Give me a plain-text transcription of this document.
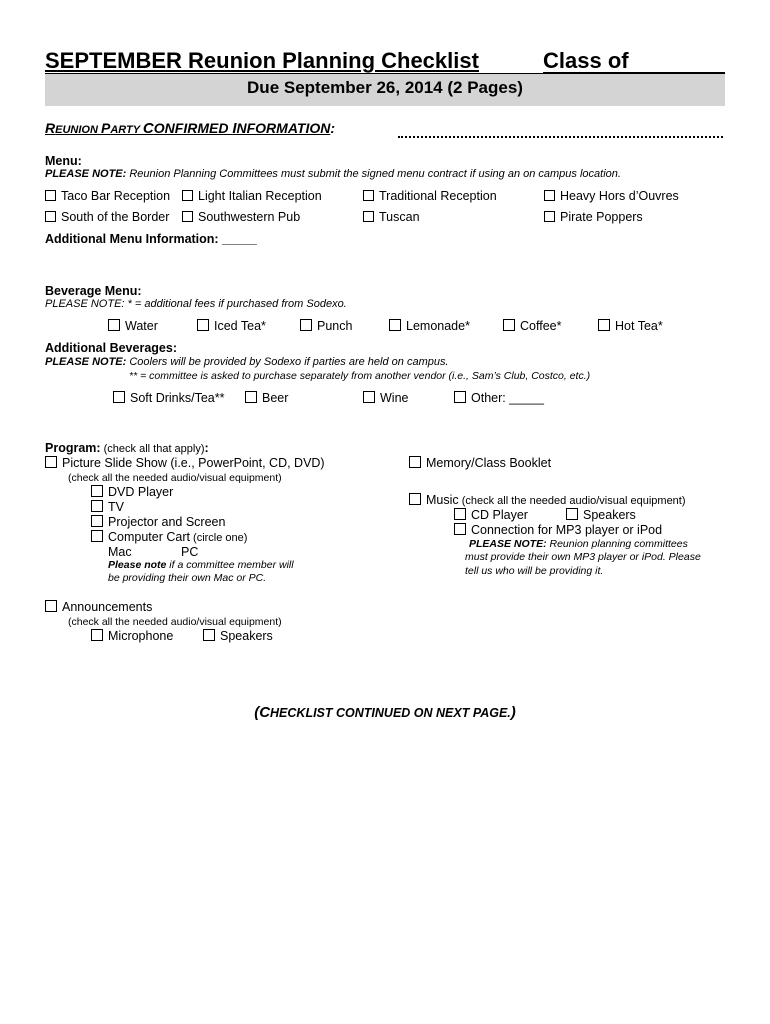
SEPTEMBER Reunion Planning Checklist	Class of
Due September 26, 2014 (2 Pages)
REUNION PARTY CONFIRMED INFORMATION:
Menu:
PLEASE NOTE: Reunion Planning Committees must submit the signed menu contract if using an on campus location.
Taco Bar Reception	Light Italian Reception	Traditional Reception	Heavy Hors d’Ouvres
South of the Border	Southwestern Pub	Tuscan	Pirate Poppers
Additional Menu Information: _____
Beverage Menu:
PLEASE NOTE: * = additional fees if purchased from Sodexo.
Water	Iced Tea*	Punch	Lemonade*	Coffee*	Hot Tea*
Additional Beverages:
PLEASE NOTE: Coolers will be provided by Sodexo if parties are held on campus.
** = committee is asked to purchase separately from another vendor (i.e., Sam’s Club, Costco, etc.)
Soft Drinks/Tea**	Beer	Wine	Other: _____
Program: (check all that apply):
Picture Slide Show (i.e., PowerPoint, CD, DVD)
(check all the needed audio/visual equipment)
DVD Player
TV
Projector and Screen
Computer Cart (circle one)
Mac	PC
Please note if a committee member will
be providing their own Mac or PC.
Memory/Class Booklet
Music (check all the needed audio/visual equipment)
CD Player	Speakers
Connection for MP3 player or iPod
PLEASE NOTE: Reunion planning committees
must provide their own MP3 player or iPod. Please
tell us who will be providing it.
Announcements
(check all the needed audio/visual equipment)
Microphone	Speakers
(CHECKLIST CONTINUED ON NEXT PAGE.)
